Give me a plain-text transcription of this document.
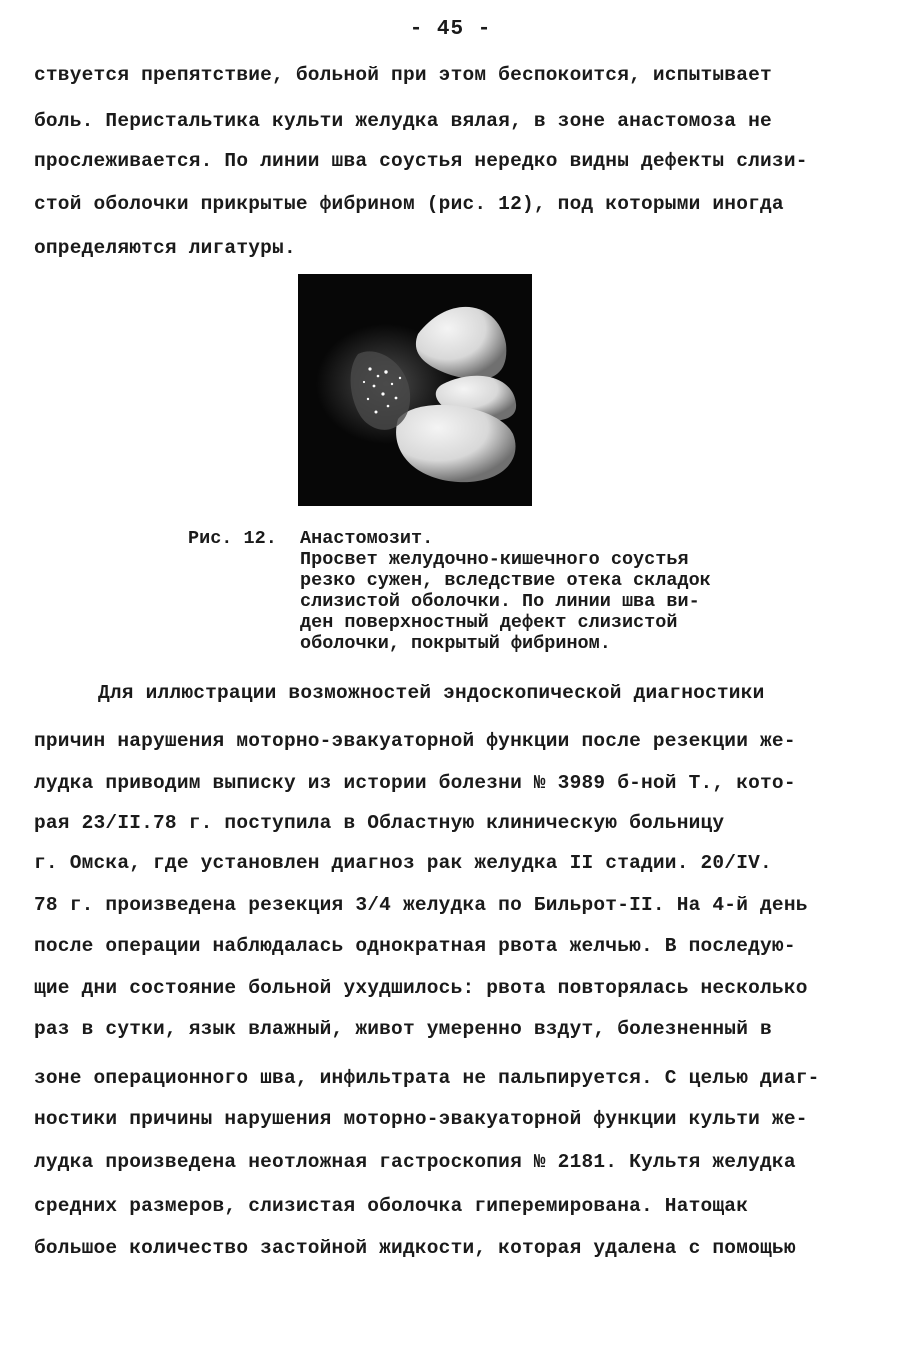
- 45 -
ствуется препятствие, больной при этом беспокоится, испытывает
боль. Перистальтика культи желудка вялая, в зоне анастомоза не
прослеживается. По линии шва соустья нередко видны дефекты слизи-
стой оболочки прикрытые фибрином (рис. 12), под которыми иногда
определяются лигатуры.
Рис. 12. Анастомозит.
Просвет желудочно-кишечного соустья
резко сужен, вследствие отека складок
слизистой оболочки. По линии шва ви-
ден поверхностный дефект слизистой
оболочки, покрытый фибрином.
Для иллюстрации возможностей эндоскопической диагностики
причин нарушения моторно-эвакуаторной функции после резекции же-
лудка приводим выписку из истории болезни № 3989 б-ной Т., кото-
рая 23/II.78 г. поступила в Областную клиническую больницу
г. Омска, где установлен диагноз рак желудка II стадии. 20/IV.
78 г. произведена резекция 3/4 желудка по Бильрот-II. На 4-й день
после операции наблюдалась однократная рвота желчью. В последую-
щие дни состояние больной ухудшилось: рвота повторялась несколько
раз в сутки, язык влажный, живот умеренно вздут, болезненный в
зоне операционного шва, инфильтрата не пальпируется. С целью диаг-
ностики причины нарушения моторно-эвакуаторной функции культи же-
лудка произведена неотложная гастроскопия № 2181. Культя желудка
средних размеров, слизистая оболочка гиперемирована. Натощак
большое количество застойной жидкости, которая удалена с помощью
